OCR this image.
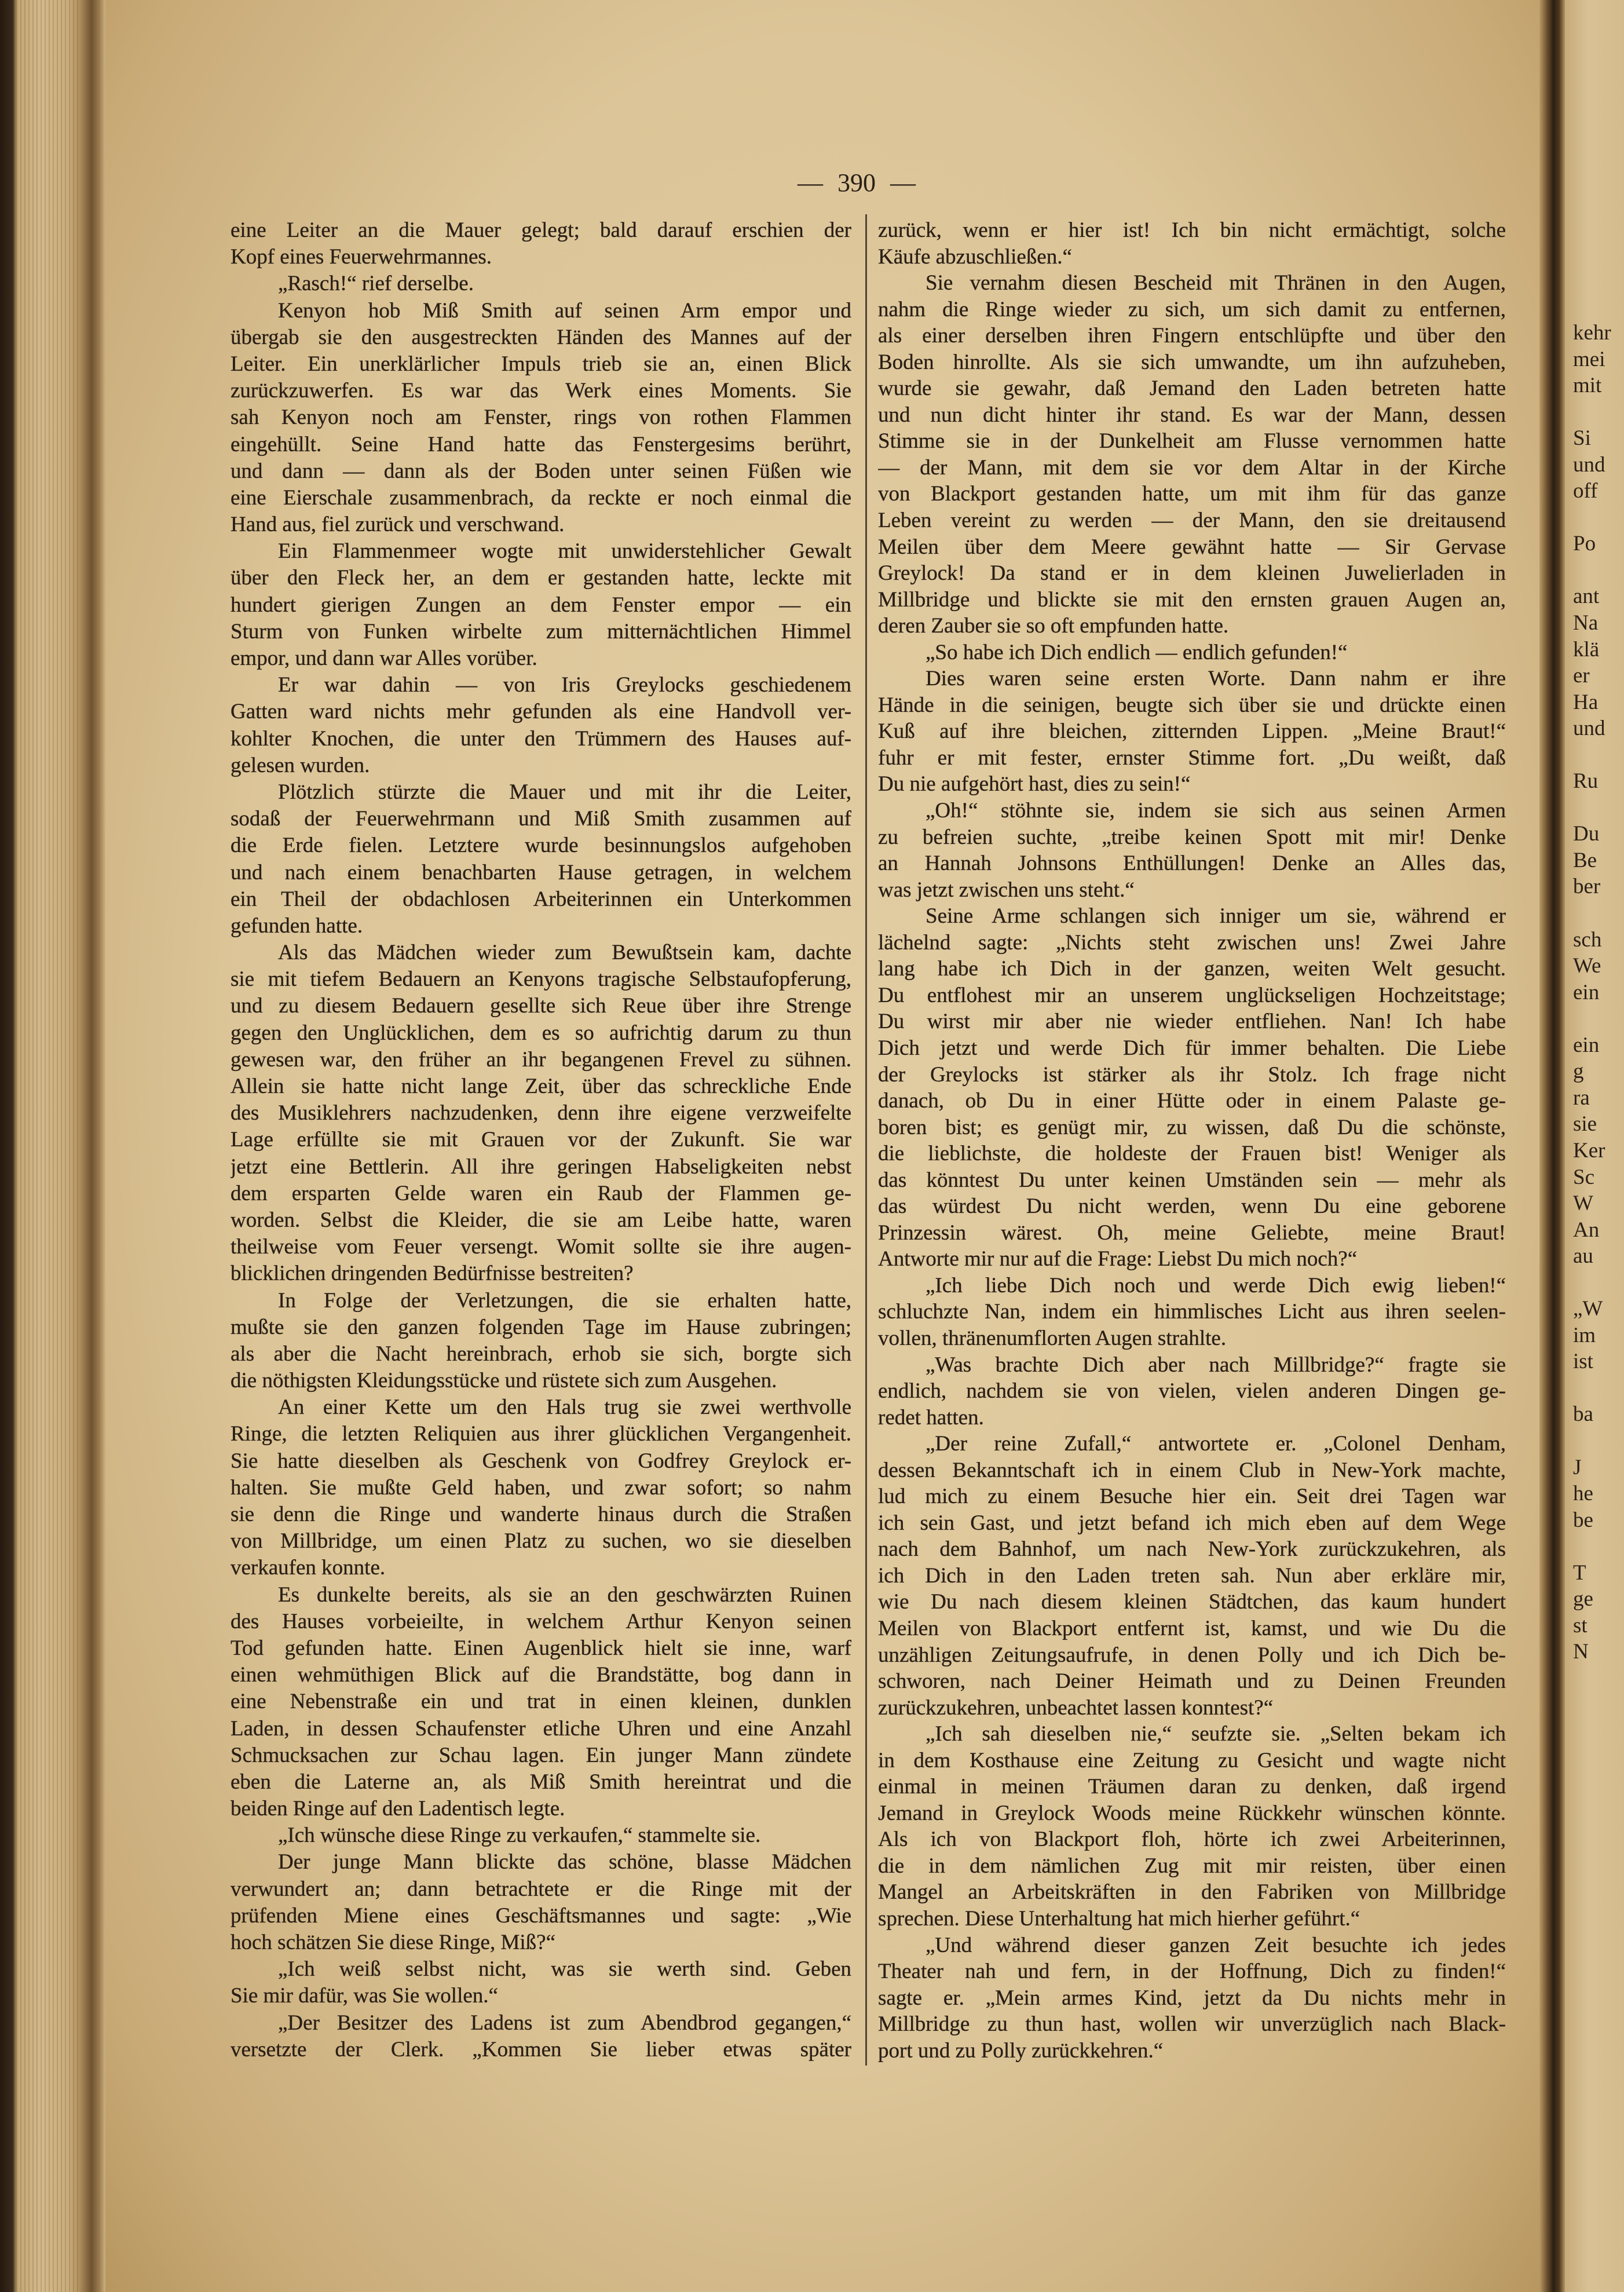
— 390 —
eine Leiter an die Mauer gelegt; bald darauf erschien der
Kopf eines Feuerwehrmannes.
„Rasch!“ rief derselbe.
Kenyon hob Miß Smith auf seinen Arm empor und
übergab sie den ausgestreckten Händen des Mannes auf der
Leiter. Ein unerklärlicher Impuls trieb sie an, einen Blick
zurückzuwerfen. Es war das Werk eines Moments. Sie
sah Kenyon noch am Fenster, rings von rothen Flammen
eingehüllt. Seine Hand hatte das Fenstergesims berührt,
und dann — dann als der Boden unter seinen Füßen wie
eine Eierschale zusammenbrach, da reckte er noch einmal die
Hand aus, fiel zurück und verschwand.
Ein Flammenmeer wogte mit unwiderstehlicher Gewalt
über den Fleck her, an dem er gestanden hatte, leckte mit
hundert gierigen Zungen an dem Fenster empor — ein
Sturm von Funken wirbelte zum mitternächtlichen Himmel
empor, und dann war Alles vorüber.
Er war dahin — von Iris Greylocks geschiedenem
Gatten ward nichts mehr gefunden als eine Handvoll ver-
kohlter Knochen, die unter den Trümmern des Hauses auf-
gelesen wurden.
Plötzlich stürzte die Mauer und mit ihr die Leiter,
sodaß der Feuerwehrmann und Miß Smith zusammen auf
die Erde fielen. Letztere wurde besinnungslos aufgehoben
und nach einem benachbarten Hause getragen, in welchem
ein Theil der obdachlosen Arbeiterinnen ein Unterkommen
gefunden hatte.
Als das Mädchen wieder zum Bewußtsein kam, dachte
sie mit tiefem Bedauern an Kenyons tragische Selbstaufopferung,
und zu diesem Bedauern gesellte sich Reue über ihre Strenge
gegen den Unglücklichen, dem es so aufrichtig darum zu thun
gewesen war, den früher an ihr begangenen Frevel zu sühnen.
Allein sie hatte nicht lange Zeit, über das schreckliche Ende
des Musiklehrers nachzudenken, denn ihre eigene verzweifelte
Lage erfüllte sie mit Grauen vor der Zukunft. Sie war
jetzt eine Bettlerin. All ihre geringen Habseligkeiten nebst
dem ersparten Gelde waren ein Raub der Flammen ge-
worden. Selbst die Kleider, die sie am Leibe hatte, waren
theilweise vom Feuer versengt. Womit sollte sie ihre augen-
blicklichen dringenden Bedürfnisse bestreiten?
In Folge der Verletzungen, die sie erhalten hatte,
mußte sie den ganzen folgenden Tage im Hause zubringen;
als aber die Nacht hereinbrach, erhob sie sich, borgte sich
die nöthigsten Kleidungsstücke und rüstete sich zum Ausgehen.
An einer Kette um den Hals trug sie zwei werthvolle
Ringe, die letzten Reliquien aus ihrer glücklichen Vergangenheit.
Sie hatte dieselben als Geschenk von Godfrey Greylock er-
halten. Sie mußte Geld haben, und zwar sofort; so nahm
sie denn die Ringe und wanderte hinaus durch die Straßen
von Millbridge, um einen Platz zu suchen, wo sie dieselben
verkaufen konnte.
Es dunkelte bereits, als sie an den geschwärzten Ruinen
des Hauses vorbeieilte, in welchem Arthur Kenyon seinen
Tod gefunden hatte. Einen Augenblick hielt sie inne, warf
einen wehmüthigen Blick auf die Brandstätte, bog dann in
eine Nebenstraße ein und trat in einen kleinen, dunklen
Laden, in dessen Schaufenster etliche Uhren und eine Anzahl
Schmucksachen zur Schau lagen. Ein junger Mann zündete
eben die Laterne an, als Miß Smith hereintrat und die
beiden Ringe auf den Ladentisch legte.
„Ich wünsche diese Ringe zu verkaufen,“ stammelte sie.
Der junge Mann blickte das schöne, blasse Mädchen
verwundert an; dann betrachtete er die Ringe mit der
prüfenden Miene eines Geschäftsmannes und sagte: „Wie
hoch schätzen Sie diese Ringe, Miß?“
„Ich weiß selbst nicht, was sie werth sind. Geben
Sie mir dafür, was Sie wollen.“
„Der Besitzer des Ladens ist zum Abendbrod gegangen,“
versetzte der Clerk. „Kommen Sie lieber etwas später
zurück, wenn er hier ist! Ich bin nicht ermächtigt, solche
Käufe abzuschließen.“
Sie vernahm diesen Bescheid mit Thränen in den Augen,
nahm die Ringe wieder zu sich, um sich damit zu entfernen,
als einer derselben ihren Fingern entschlüpfte und über den
Boden hinrollte. Als sie sich umwandte, um ihn aufzuheben,
wurde sie gewahr, daß Jemand den Laden betreten hatte
und nun dicht hinter ihr stand. Es war der Mann, dessen
Stimme sie in der Dunkelheit am Flusse vernommen hatte
— der Mann, mit dem sie vor dem Altar in der Kirche
von Blackport gestanden hatte, um mit ihm für das ganze
Leben vereint zu werden — der Mann, den sie dreitausend
Meilen über dem Meere gewähnt hatte — Sir Gervase
Greylock! Da stand er in dem kleinen Juwelierladen in
Millbridge und blickte sie mit den ernsten grauen Augen an,
deren Zauber sie so oft empfunden hatte.
„So habe ich Dich endlich — endlich gefunden!“
Dies waren seine ersten Worte. Dann nahm er ihre
Hände in die seinigen, beugte sich über sie und drückte einen
Kuß auf ihre bleichen, zitternden Lippen. „Meine Braut!“
fuhr er mit fester, ernster Stimme fort. „Du weißt, daß
Du nie aufgehört hast, dies zu sein!“
„Oh!“ stöhnte sie, indem sie sich aus seinen Armen
zu befreien suchte, „treibe keinen Spott mit mir! Denke
an Hannah Johnsons Enthüllungen! Denke an Alles das,
was jetzt zwischen uns steht.“
Seine Arme schlangen sich inniger um sie, während er
lächelnd sagte: „Nichts steht zwischen uns! Zwei Jahre
lang habe ich Dich in der ganzen, weiten Welt gesucht.
Du entflohest mir an unserem unglückseligen Hochzeitstage;
Du wirst mir aber nie wieder entfliehen. Nan! Ich habe
Dich jetzt und werde Dich für immer behalten. Die Liebe
der Greylocks ist stärker als ihr Stolz. Ich frage nicht
danach, ob Du in einer Hütte oder in einem Palaste ge-
boren bist; es genügt mir, zu wissen, daß Du die schönste,
die lieblichste, die holdeste der Frauen bist! Weniger als
das könntest Du unter keinen Umständen sein — mehr als
das würdest Du nicht werden, wenn Du eine geborene
Prinzessin wärest. Oh, meine Geliebte, meine Braut!
Antworte mir nur auf die Frage: Liebst Du mich noch?“
„Ich liebe Dich noch und werde Dich ewig lieben!“
schluchzte Nan, indem ein himmlisches Licht aus ihren seelen-
vollen, thränenumflorten Augen strahlte.
„Was brachte Dich aber nach Millbridge?“ fragte sie
endlich, nachdem sie von vielen, vielen anderen Dingen ge-
redet hatten.
„Der reine Zufall,“ antwortete er. „Colonel Denham,
dessen Bekanntschaft ich in einem Club in New-York machte,
lud mich zu einem Besuche hier ein. Seit drei Tagen war
ich sein Gast, und jetzt befand ich mich eben auf dem Wege
nach dem Bahnhof, um nach New-York zurückzukehren, als
ich Dich in den Laden treten sah. Nun aber erkläre mir,
wie Du nach diesem kleinen Städtchen, das kaum hundert
Meilen von Blackport entfernt ist, kamst, und wie Du die
unzähligen Zeitungsaufrufe, in denen Polly und ich Dich be-
schworen, nach Deiner Heimath und zu Deinen Freunden
zurückzukehren, unbeachtet lassen konntest?“
„Ich sah dieselben nie,“ seufzte sie. „Selten bekam ich
in dem Kosthause eine Zeitung zu Gesicht und wagte nicht
einmal in meinen Träumen daran zu denken, daß irgend
Jemand in Greylock Woods meine Rückkehr wünschen könnte.
Als ich von Blackport floh, hörte ich zwei Arbeiterinnen,
die in dem nämlichen Zug mit mir reisten, über einen
Mangel an Arbeitskräften in den Fabriken von Millbridge
sprechen. Diese Unterhaltung hat mich hierher geführt.“
„Und während dieser ganzen Zeit besuchte ich jedes
Theater nah und fern, in der Hoffnung, Dich zu finden!“
sagte er. „Mein armes Kind, jetzt da Du nichts mehr in
Millbridge zu thun hast, wollen wir unverzüglich nach Black-
port und zu Polly zurückkehren.“
kehr
mei
mit
Si
und
off
Po
ant
Na
klä
er
Ha
und
Ru
Du
Be
ber
sch
We
ein
ein
g
ra
sie
Ker
Sc
W
An
au
„W
im
ist
ba
J
he
be
T
ge
st
N
